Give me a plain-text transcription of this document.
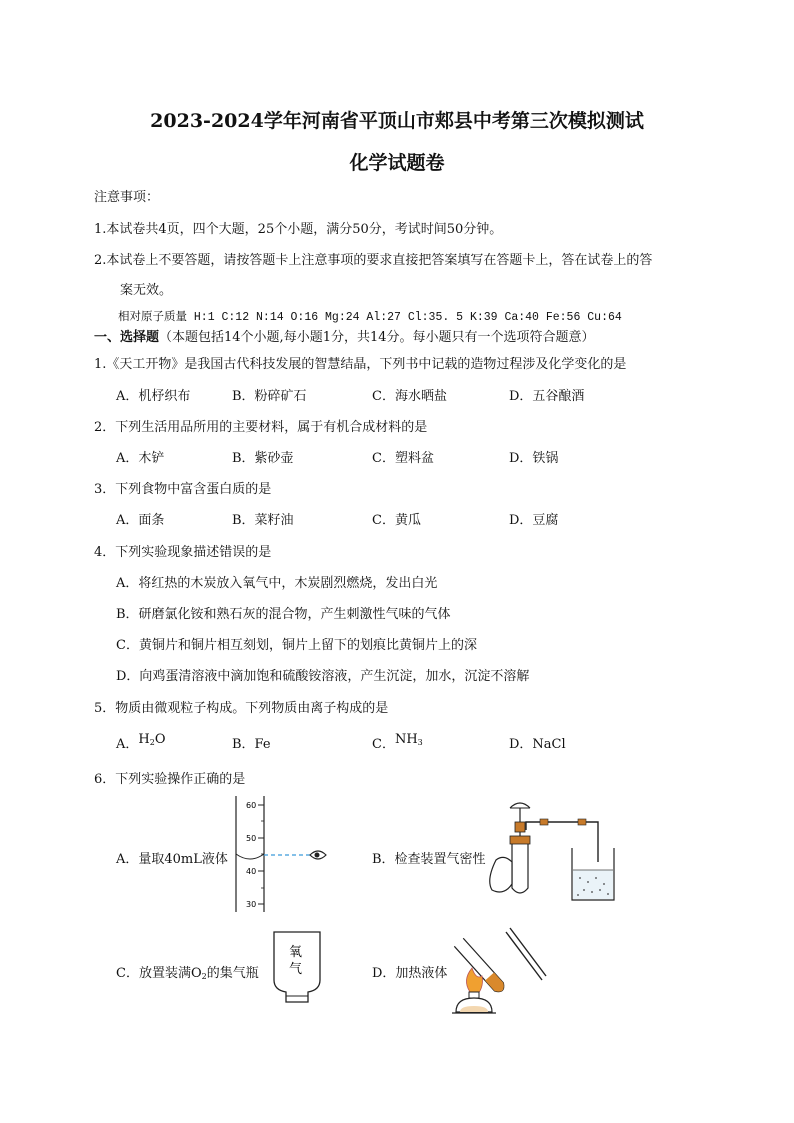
2023-2024学年河南省平顶山市郏县中考第三次模拟测试
化学试题卷
注意事项：
1.本试卷共4页，四个大题，25个小题，满分50分，考试时间50分钟。
2.本试卷上不要答题，请按答题卡上注意事项的要求直接把答案填写在答题卡上，答在试卷上的答
案无效。
相对原子质量 H:1 C:12 N:14 O:16 Mg:24 Al:27 Cl:35. 5 K:39 Ca:40 Fe:56 Cu:64
一、选择题（本题包括14个小题,每小题1分，共14分。每小题只有一个选项符合题意）
1.《天工开物》是我国古代科技发展的智慧结晶，下列书中记载的造物过程涉及化学变化的是
A．机杼织布	B．粉碎矿石	C．海水晒盐	D．五谷酿酒
2．下列生活用品所用的主要材料，属于有机合成材料的是
A．木铲	B．紫砂壶	C．塑料盆	D．铁锅
3．下列食物中富含蛋白质的是
A．面条	B．菜籽油	C．黄瓜	D．豆腐
4．下列实验现象描述错误的是
A．将红热的木炭放入氧气中，木炭剧烈燃烧，发出白光
B．研磨氯化铵和熟石灰的混合物，产生刺激性气味的气体
C．黄铜片和铜片相互刻划，铜片上留下的划痕比黄铜片上的深
D．向鸡蛋清溶液中滴加饱和硫酸铵溶液，产生沉淀，加水，沉淀不溶解
5．物质由微观粒子构成。下列物质由离子构成的是
A．$H_2O$	B．Fe	C．$NH_3$	D．NaCl
6．下列实验操作正确的是
A．量取40mL液体	B．检查装置气密性
C．放置装满$O_2$的集气瓶	D．加热液体
60
50
40
30
氧
气
